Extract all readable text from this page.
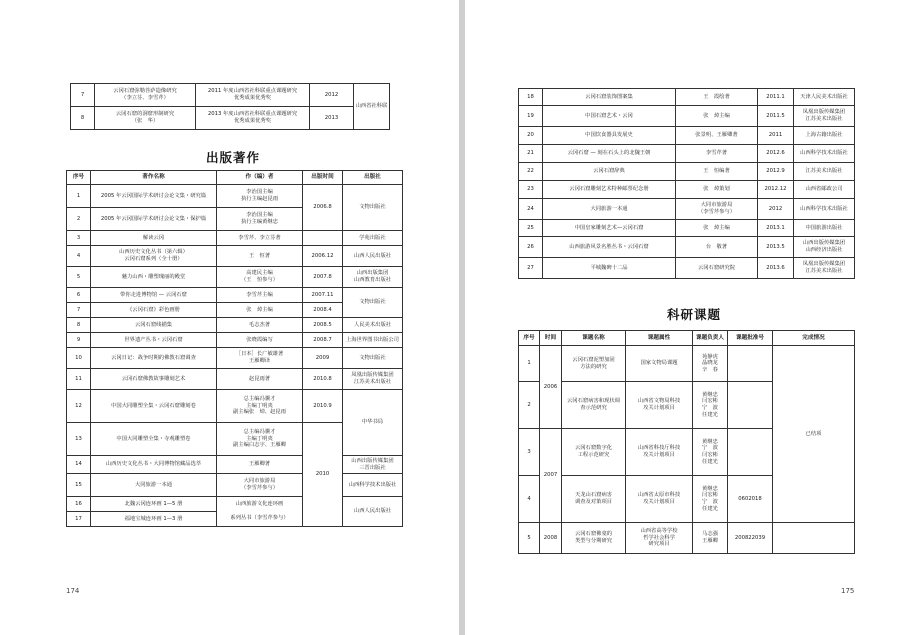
7	云冈石窟弥勒菩萨造像研究
（李立芬、李雪芹）	2011 年度山西省社科联重点课题研究
优秀成果优秀奖	2012	山西省社科联
8	云冈石窟的洞窟形制研究
（张　华）	2013 年度山西省社科联重点课题研究
优秀成果优秀奖	2013	
出版著作
序号	著作名称	作（编）者	出版时间	出版社
1	2005 年云冈国际学术研讨会论文集・研究篇	李治国主编
执行主编赵昆雨	2006.8	文物出版社
2	2005 年云冈国际学术研讨会论文集・保护篇	李治国主编
执行主编黄继忠		
3	解读云冈	李雪芹、李立芬著		学苑出版社
4	山西历史文化丛书（第六辑）
云冈石窟系列（全十册）	王　恒著	2006.12	山西人民出版社
5	魅力山西・雕塑瑰丽的殿堂	高建民主编
（王　恒参与）	2007.8	山西出版集团
山西教育出版社
6	带你走进博物馆 — 云冈石窟	李雪芹主编	2007.11	文物出版社
7	《云冈石窟》彩色画册	张　焯主编	2008.4	
8	云冈石窟线描集	毛志杰著	2008.5	人民美术出版社
9	世界遗产丛书・云冈石窟	张晓霞编写	2008.7	上海世界图书出版公司
10	云冈日记：战争时期的佛教石窟调查	［日本］长广敏雄著
王雁卿译	2009	文物出版社
11	云冈石窟佛教故事雕刻艺术	赵昆雨著	2010.8	凤凰出版传媒集团
江苏美术出版社
12	中国大同雕塑全集・云冈石窟雕刻卷	总主编冯骥才
主编丁明夷
副主编张　焯、赵昆雨	2010.9	中华书局
13	中国大同雕塑全集・寺观雕塑卷	总主编冯骥才
主编丁明夷
副主编白志宇、王雁卿	2010	
14	山西历史文化丛书・大同博物馆藏品选萃	王雁卿著		山西出版传媒集团
三晋出版社
15	大同旅游一本通	大同市旅游局
（李雪芹参与）		山西科学技术出版社
16	北魏云冈连环画 1—5 册	山西旅游文化连环画		山西人民出版社
17	福地宝城连环画 1—3 册	系列丛书（李雪芹参与）		
174
18	云冈石窟装饰图案集	王　霞绘著	2011.1	天津人民美术出版社
19	中国石窟艺术・云冈	张　焯主编	2011.5	凤凰出版传媒集团
江苏美术出版社
20	中国饮食器具发展史	张景明、王雁卿著	2011	上海古籍出版社
21	云冈石窟 — 刻在石头上的北魏王朝	李雪芹著	2012.6	山西科学技术出版社
22	云冈石窟辞典	王　恒编著	2012.9	江苏美术出版社
23	云冈石窟雕刻艺术特种邮票纪念册	张　焯策划	2012.12	山西省邮政公司
24	大同旅游一本通	大同市旅游局
（李雪芹参与）	2012	山西科学技术出版社
25	中国皇家雕刻艺术—云冈石窟	张　焯主编	2013.1	中国旅游出版社
26	山西旅游风景名胜丛书・云冈石窟	台　敬著	2013.5	山西出版传媒集团
山西经济出版社
27	平城魏碑十二品	云冈石窟研究院	2013.6	凤凰出版传媒集团
江苏美术出版社
科研课题
序号	时间	课题名称	课题属性	课题负责人	课题批准号	完成情况
1	2006	云冈石窟泥塑加固
方法的研究	国家文物局课题	苑静虎
晶晓龙
辛　春		已结项
2		云冈石窟病害和现状调
查示范研究	山西省文物局科技
攻关计划项目	黄继忠
闫宏彬
宁　波
任建光		
3	2007	云冈石窟数字化
工程示范研究	山西省科技厅科技
攻关计划项目	黄继忠
宁　波
闫宏彬
任建光		
4		天龙山石窟病害
调查及对策项目	山西省太原市科技
攻关计划项目	黄继忠
闫宏彬
宁　波
任建光	0602018	
5	2008	云冈石窟佛龛的
类型与分期研究	山西省高等学校
哲学社会科学
研究项目	马志强
王雁卿	200822039	
175
